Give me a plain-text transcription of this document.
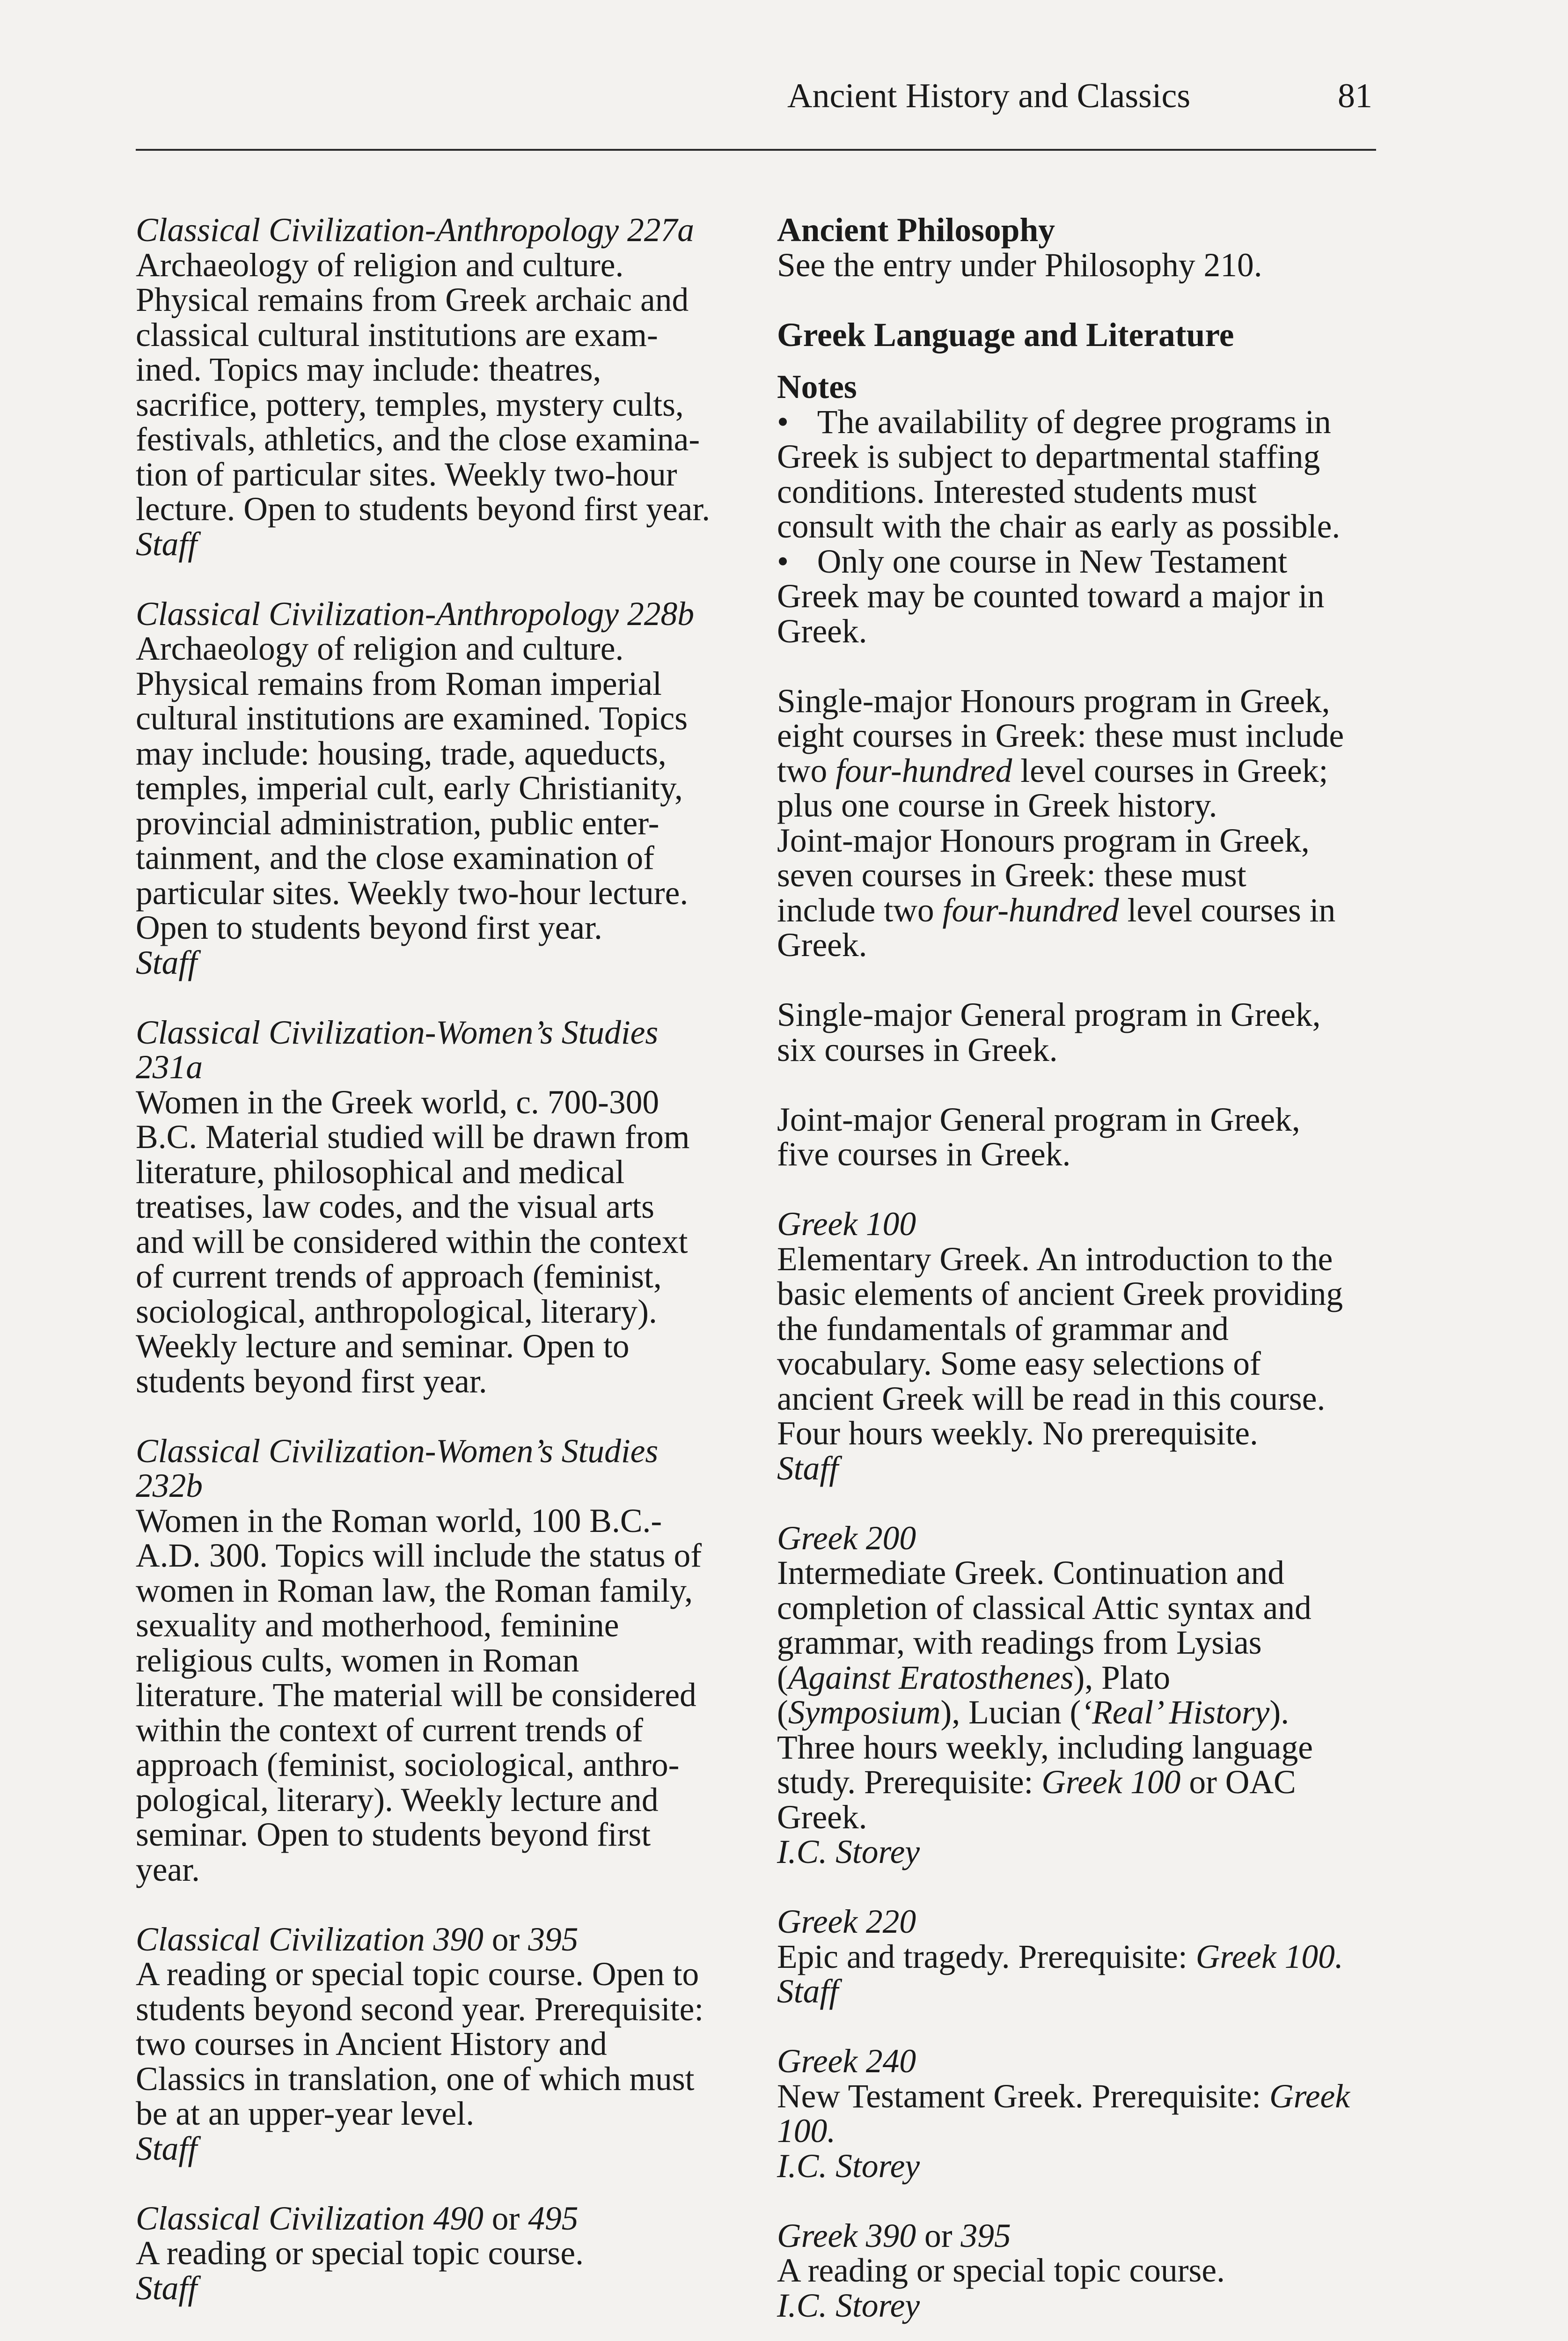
Ancient History and Classics	81
Classical Civilization-Anthropology 227a
Archaeology of religion and culture.
Physical remains from Greek archaic and
classical cultural institutions are exam-
ined. Topics may include: theatres,
sacrifice, pottery, temples, mystery cults,
festivals, athletics, and the close examina-
tion of particular sites. Weekly two-hour
lecture. Open to students beyond first year.
Staff
Classical Civilization-Anthropology 228b
Archaeology of religion and culture.
Physical remains from Roman imperial
cultural institutions are examined. Topics
may include: housing, trade, aqueducts,
temples, imperial cult, early Christianity,
provincial administration, public enter-
tainment, and the close examination of
particular sites. Weekly two-hour lecture.
Open to students beyond first year.
Staff
Classical Civilization-Women’s Studies
231a
Women in the Greek world, c. 700-300
B.C. Material studied will be drawn from
literature, philosophical and medical
treatises, law codes, and the visual arts
and will be considered within the context
of current trends of approach (feminist,
sociological, anthropological, literary).
Weekly lecture and seminar. Open to
students beyond first year.
Classical Civilization-Women’s Studies
232b
Women in the Roman world, 100 B.C.-
A.D. 300. Topics will include the status of
women in Roman law, the Roman family,
sexuality and motherhood, feminine
religious cults, women in Roman
literature. The material will be considered
within the context of current trends of
approach (feminist, sociological, anthro-
pological, literary). Weekly lecture and
seminar. Open to students beyond first
year.
Classical Civilization 390 or 395
A reading or special topic course. Open to
students beyond second year. Prerequisite:
two courses in Ancient History and
Classics in translation, one of which must
be at an upper-year level.
Staff
Classical Civilization 490 or 495
A reading or special topic course.
Staff
Ancient Philosophy
See the entry under Philosophy 210.
Greek Language and Literature
Notes
• The availability of degree programs in
Greek is subject to departmental staffing
conditions. Interested students must
consult with the chair as early as possible.
• Only one course in New Testament
Greek may be counted toward a major in
Greek.
Single-major Honours program in Greek,
eight courses in Greek: these must include
two four-hundred level courses in Greek;
plus one course in Greek history.
Joint-major Honours program in Greek,
seven courses in Greek: these must
include two four-hundred level courses in
Greek.
Single-major General program in Greek,
six courses in Greek.
Joint-major General program in Greek,
five courses in Greek.
Greek 100
Elementary Greek. An introduction to the
basic elements of ancient Greek providing
the fundamentals of grammar and
vocabulary. Some easy selections of
ancient Greek will be read in this course.
Four hours weekly. No prerequisite.
Staff
Greek 200
Intermediate Greek. Continuation and
completion of classical Attic syntax and
grammar, with readings from Lysias
(Against Eratosthenes), Plato
(Symposium), Lucian (‘Real’ History).
Three hours weekly, including language
study. Prerequisite: Greek 100 or OAC
Greek.
I.C. Storey
Greek 220
Epic and tragedy. Prerequisite: Greek 100.
Staff
Greek 240
New Testament Greek. Prerequisite: Greek
100.
I.C. Storey
Greek 390 or 395
A reading or special topic course.
I.C. Storey
